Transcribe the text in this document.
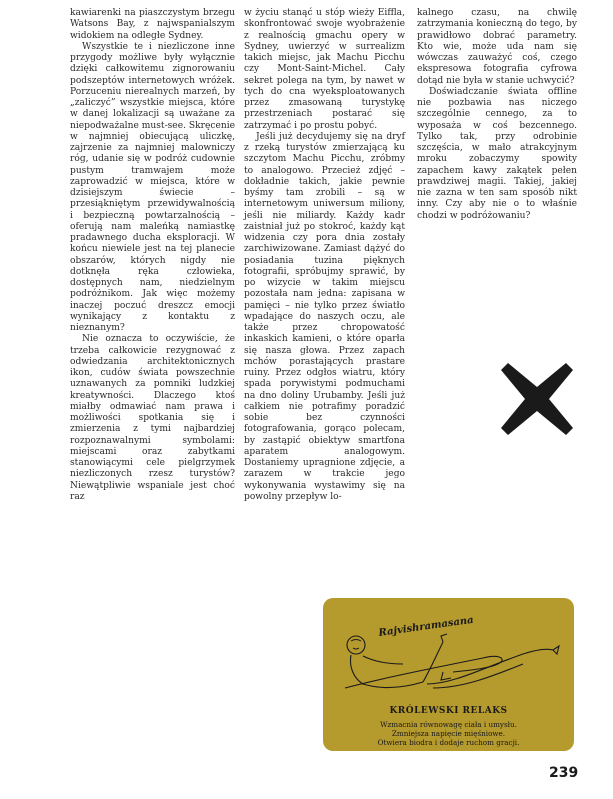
kawiarenki na piaszczystym brzegu Watsons Bay, z najwspanialszym widokiem na odległe Sydney.

Wszystkie te i niezliczone inne przygody możliwe były wyłącznie dzięki całkowitemu zignorowaniu podszeptów internetowych wróżek. Porzuceniu nierealnych marzeń, by „zaliczyć” wszystkie miejsca, które w danej lokalizacji są uważane za niepodważalne must-see. Skręcenie w najmniej obiecującą uliczkę, zajrzenie za najmniej malowniczy róg, udanie się w podróż cudownie pustym tramwajem może zaprowadzić w miejsca, które w dzisiejszym świecie – przesiąkniętym przewidywalnością i bezpieczną powtarzalnością – oferują nam maleńką namiastkę pradawnego ducha eksploracji. W końcu niewiele jest na tej planecie obszarów, których nigdy nie dotknęła ręka człowieka, dostępnych nam, niedzielnym podróżnikom. Jak więc możemy inaczej poczuć dreszcz emocji wynikający z kontaktu z nieznanym?

Nie oznacza to oczywiście, że trzeba całkowicie rezygnować z odwiedzania architektonicznych ikon, cudów świata powszechnie uznawanych za pomniki ludzkiej kreatywności. Dlaczego ktoś miałby odmawiać nam prawa i możliwości spotkania się i zmierzenia z tymi najbardziej rozpoznawalnymi symbolami: miejscami oraz zabytkami stanowiącymi cele pielgrzymek niezliczonych rzesz turystów? Niewątpliwie wspaniale jest choć raz

w życiu stanąć u stóp wieży Eiffla, skonfrontować swoje wyobrażenie z realnością gmachu opery w Sydney, uwierzyć w surrealizm takich miejsc, jak Machu Picchu czy Mont-Saint-Michel. Cały sekret polega na tym, by nawet w tych do cna wyeksploatowanych przez zmasowaną turystykę przestrzeniach postarać się zatrzymać i po prostu pobyć.

Jeśli już decydujemy się na dryf z rzeką turystów zmierzającą ku szczytom Machu Picchu, zróbmy to analogowo. Przecież zdjęć – dokładnie takich, jakie pewnie byśmy tam zrobili – są w internetowym uniwersum miliony, jeśli nie miliardy. Każdy kadr zaistniał już po stokroć, każdy kąt widzenia czy pora dnia zostały zarchiwizowane. Zamiast dążyć do posiadania tuzina pięknych fotografii, spróbujmy sprawić, by po wizycie w takim miejscu pozostała nam jedna: zapisana w pamięci – nie tylko przez światło wpadające do naszych oczu, ale także przez chropowatość inkaskich kamieni, o które oparła się nasza głowa. Przez zapach mchów porastających prastare ruiny. Przez odgłos wiatru, który spada porywistymi podmuchami na dno doliny Urubamby. Jeśli już całkiem nie potrafimy poradzić sobie bez czynności fotografowania, gorąco polecam, by zastąpić obiektyw smartfona aparatem analogowym. Dostaniemy upragnione zdjęcie, a zarazem w trakcie jego wykonywania wystawimy się na powolny przepływ lo-

kalnego czasu, na chwilę zatrzymania konieczną do tego, by prawidłowo dobrać parametry. Kto wie, może uda nam się wówczas zauważyć coś, czego ekspresowa fotografia cyfrowa dotąd nie była w stanie uchwycić?

Doświadczanie świata offline nie pozbawia nas niczego szczególnie cennego, za to wyposaża w coś bezcennego. Tylko tak, przy odrobinie szczęścia, w mało atrakcyjnym mroku zobaczymy spowity zapachem kawy zakątek pełen prawdziwej magii. Takiej, jakiej nie zazna w ten sam sposób nikt inny. Czy aby nie o to właśnie chodzi w podróżowaniu?

Rajvishramasana

KRÓLEWSKI RELAKS

Wzmacnia równowagę ciała i umysłu.
Zmniejsza napięcie mięśniowe.
Otwiera biodra i dodaje ruchom gracji.

239
